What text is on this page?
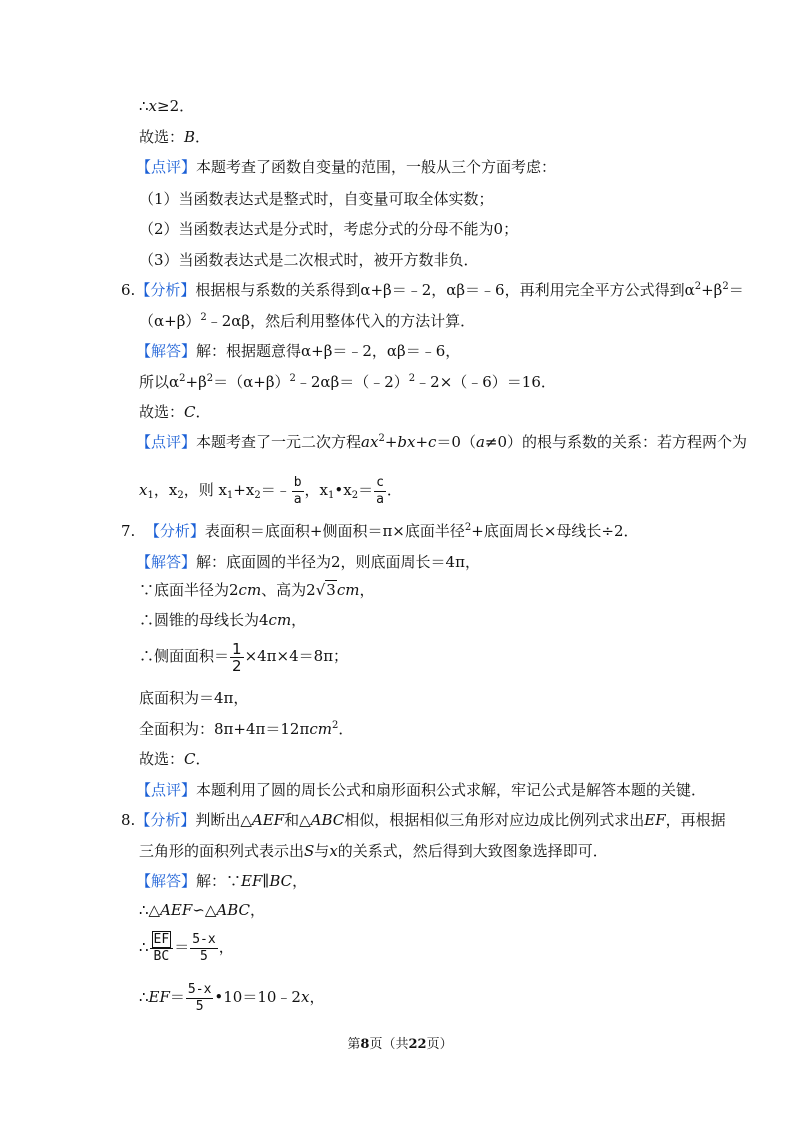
∴x≥2．
故选：B．
【点评】本题考查了函数自变量的范围，一般从三个方面考虑：
（1）当函数表达式是整式时，自变量可取全体实数；
（2）当函数表达式是分式时，考虑分式的分母不能为0；
（3）当函数表达式是二次根式时，被开方数非负．
6.【分析】根据根与系数的关系得到α+β＝﹣2，αβ＝﹣6，再利用完全平方公式得到$\alpha^2+\beta^2=$
$(\alpha+\beta)^2﹣2\alpha\beta$，然后利用整体代入的方法计算．
【解答】解：根据题意得α+β＝﹣2，αβ＝﹣6，
所以$\alpha^2+\beta^2=(\alpha+\beta)^2﹣2\alpha\beta=(﹣2)^2﹣2\times(﹣6)=16$．
故选：C．
【点评】本题考查了一元二次方程$ax^2+bx+c=0(a\ne 0)$的根与系数的关系：若方程两个为
$x_1$，$x_2$，则 $x_1+x_2=﹣ \frac{b}{a}$ ，$x_1•x_2= \frac{c}{a}$ ．
7. 【分析】表面积＝底面积+侧面积＝π×底面半径$^2$+底面周长×母线长÷2．
【解答】解：底面圆的半径为2，则底面周长＝4π，
∵底面半径为2cm、高为2√3cm，
∴圆锥的母线长为4cm，
∴侧面面积＝ $\frac{1}{2} \times 4\pi\times 4=8\pi$；
底面积为＝4π，
全面积为：8π+4π＝12πcm$^2$．
故选：C．
【点评】本题利用了圆的周长公式和扇形面积公式求解，牢记公式是解答本题的关键．
8.【分析】判断出△AEF和△ABC相似，根据相似三角形对应边成比例列式求出EF，再根据
三角形的面积列式表示出S与x的关系式，然后得到大致图象选择即可．
【解答】解：∵EF∥BC，
∴△AEF∽△ABC，
∴ $\frac{EF}{BC} = \frac{5-x}{5}$ ，
∴EF＝ $\frac{5-x}{5}$ •10＝10﹣2x，
第8页（共22页）
